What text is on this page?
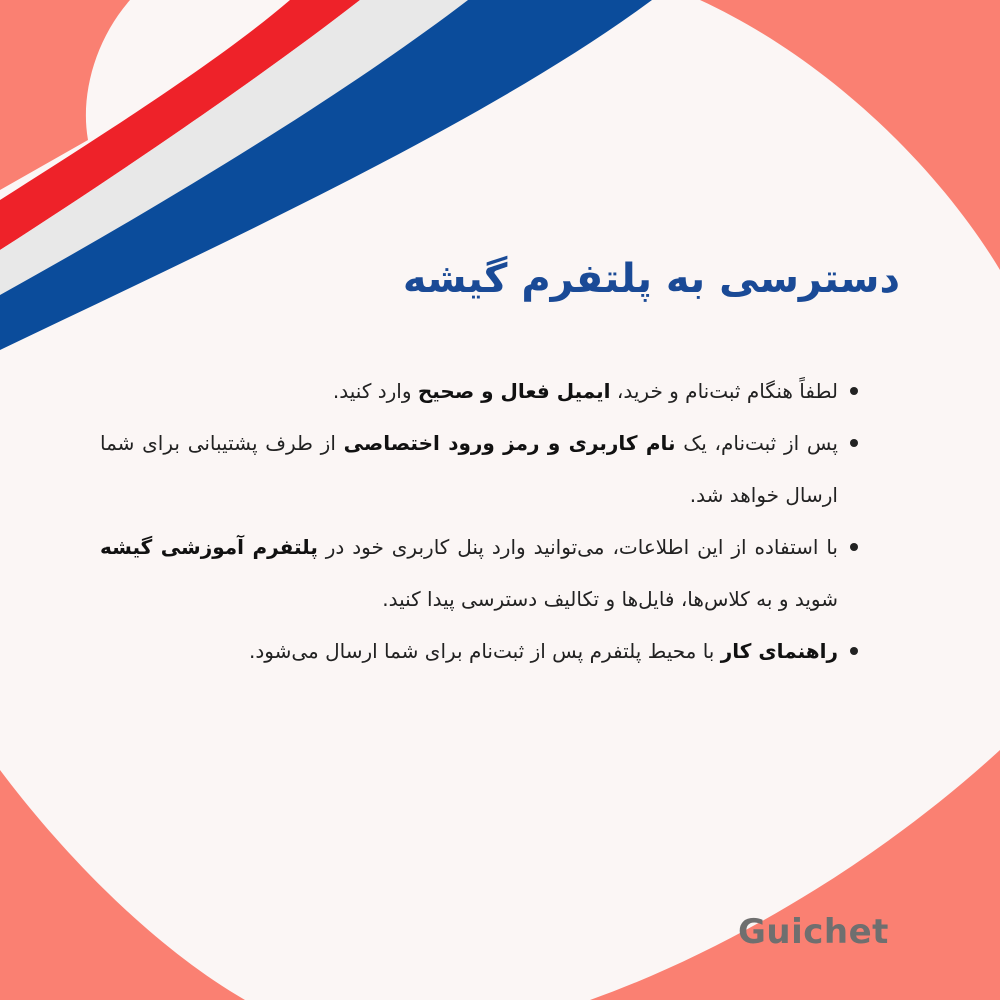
دسترسی به پلتفرم گیشه
لطفاً هنگام ثبت‌نام و خرید، ایمیل فعال و صحیح وارد کنید.
پس از ثبت‌نام، یک نام کاربری و رمز ورود اختصاصی از طرف پشتیبانی برای شما ارسال خواهد شد.
با استفاده از این اطلاعات، می‌توانید وارد پنل کاربری خود در پلتفرم آموزشی گیشه شوید و به کلاس‌ها، فایل‌ها و تکالیف دسترسی پیدا کنید.
راهنمای کار با محیط پلتفرم پس از ثبت‌نام برای شما ارسال می‌شود.
Guichet
